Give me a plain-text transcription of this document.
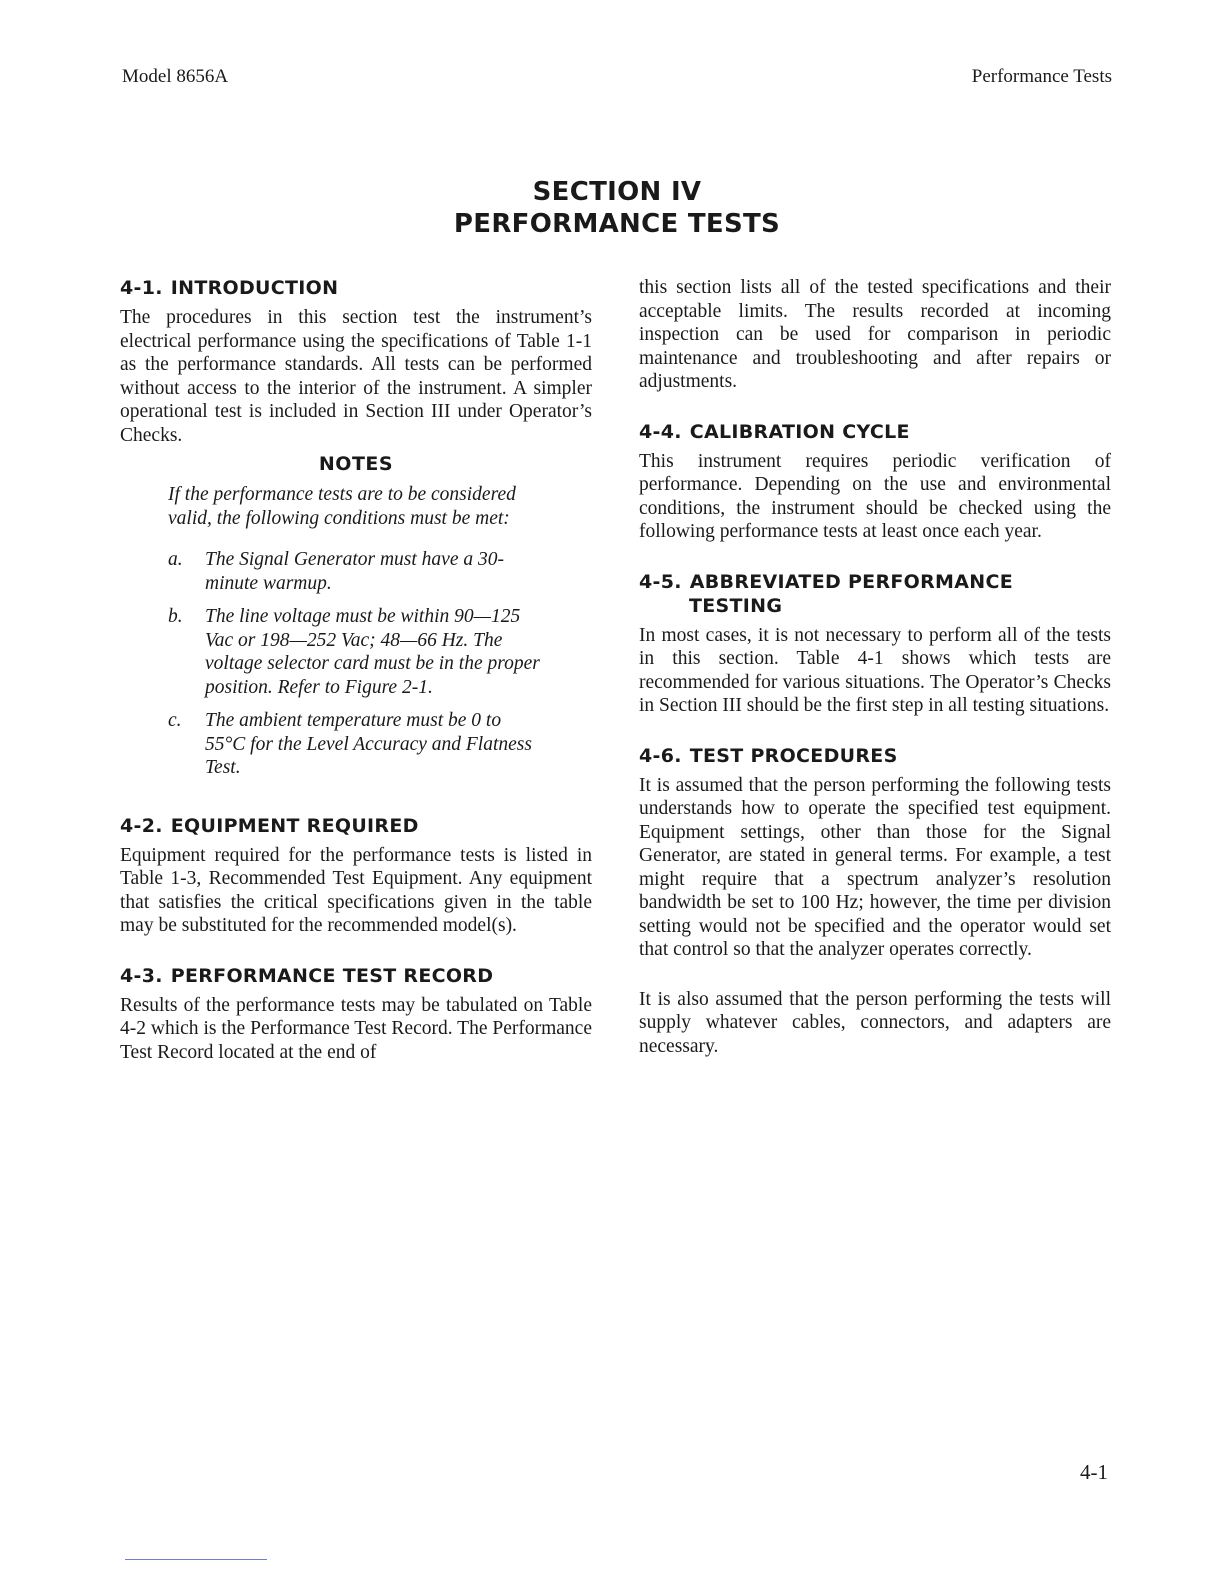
Model 8656A	Performance Tests
SECTION IV
PERFORMANCE TESTS
4-1. INTRODUCTION

The procedures in this section test the instrument’s electrical performance using the specifications of Table 1-1 as the performance standards. All tests can be performed without access to the interior of the instrument. A simpler operational test is included in Section III under Operator’s Checks.

NOTES
If the performance tests are to be considered valid, the following conditions must be met:
a.	The Signal Generator must have a 30-minute warmup.
b.	The line voltage must be within 90—125 Vac or 198—252 Vac; 48—66 Hz. The voltage selector card must be in the proper position. Refer to Figure 2-1.
c.	The ambient temperature must be 0 to 55°C for the Level Accuracy and Flatness Test.
4-2. EQUIPMENT REQUIRED

Equipment required for the performance tests is listed in Table 1-3, Recommended Test Equipment. Any equipment that satisfies the critical specifications given in the table may be substituted for the recommended model(s).

4-3. PERFORMANCE TEST RECORD

Results of the performance tests may be tabulated on Table 4-2 which is the Performance Test Record. The Performance Test Record located at the end of

this section lists all of the tested specifications and their acceptable limits. The results recorded at incoming inspection can be used for comparison in periodic maintenance and troubleshooting and after repairs or adjustments.

4-4. CALIBRATION CYCLE

This instrument requires periodic verification of performance. Depending on the use and environmental conditions, the instrument should be checked using the following performance tests at least once each year.

4-5. ABBREVIATED PERFORMANCE
TESTING

In most cases, it is not necessary to perform all of the tests in this section. Table 4-1 shows which tests are recommended for various situations. The Operator’s Checks in Section III should be the first step in all testing situations.

4-6. TEST PROCEDURES

It is assumed that the person performing the following tests understands how to operate the specified test equipment. Equipment settings, other than those for the Signal Generator, are stated in general terms. For example, a test might require that a spectrum analyzer’s resolution bandwidth be set to 100 Hz; however, the time per division setting would not be specified and the operator would set that control so that the analyzer operates correctly.

It is also assumed that the person performing the tests will supply whatever cables, connectors, and adapters are necessary.

4-1
